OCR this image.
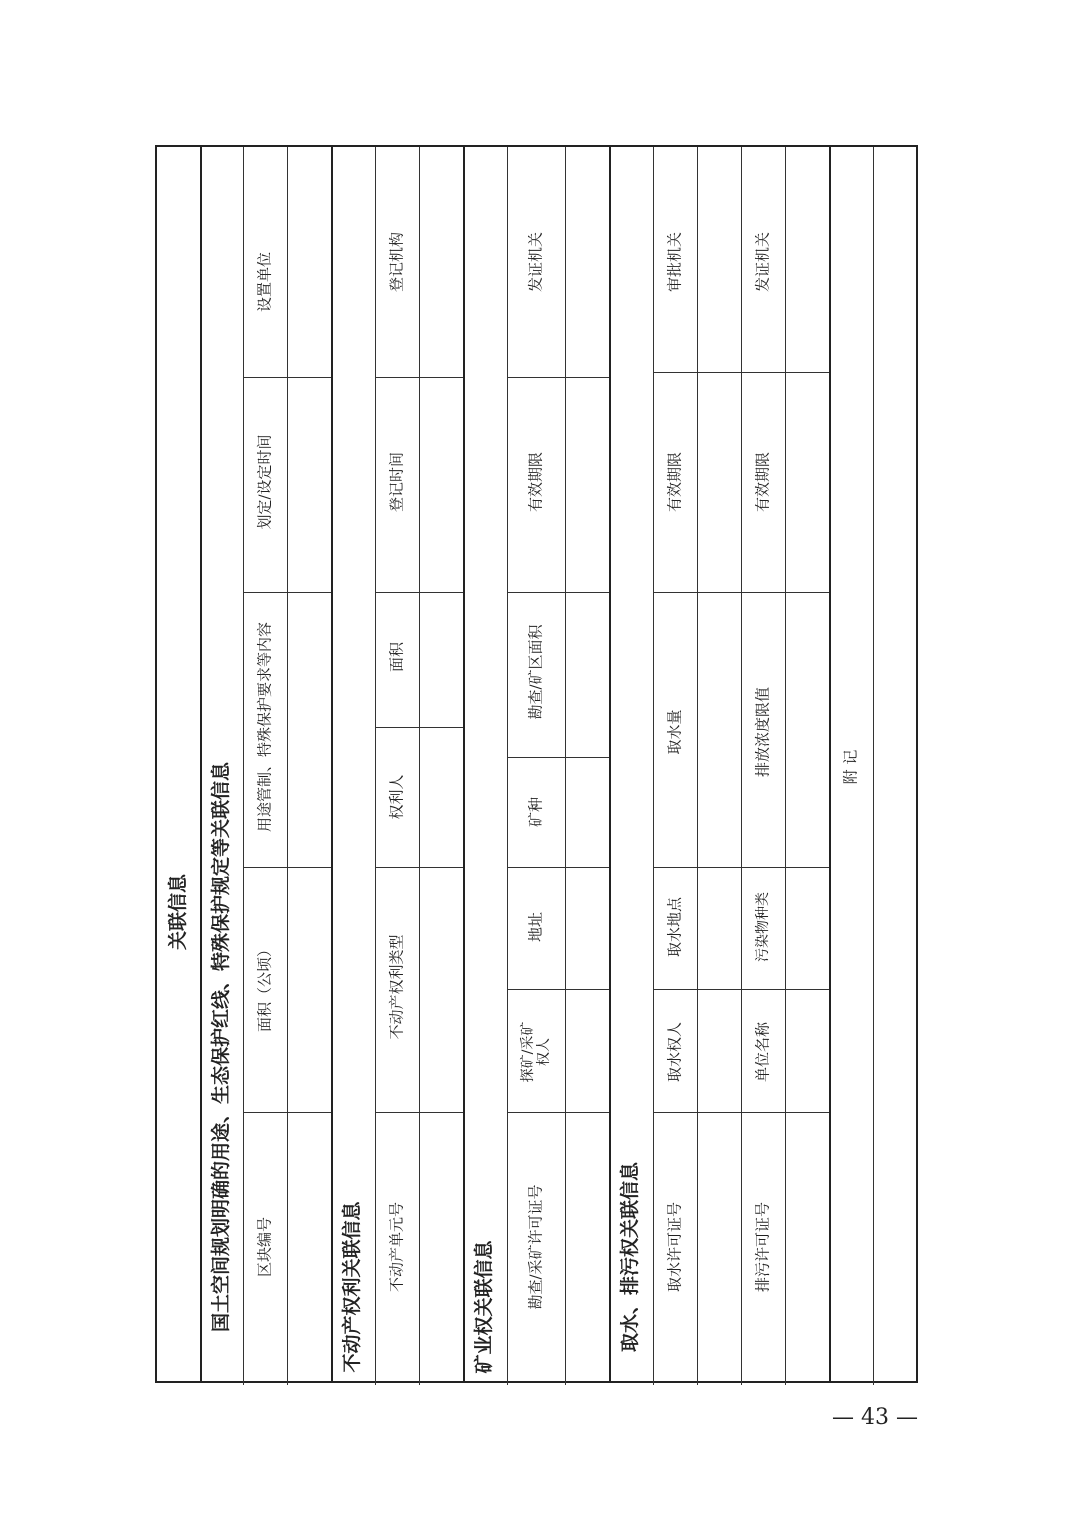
关联信息 国土空间规划明确的用途、生态保护红线、特殊保护规定等关联信息 区块编号
面积（公顷）
用途管制、特殊保护要求等内容
划定/设定时间
设置单位
不动产权利关联信息 不动产单元号
不动产权利类型
权利人
面积
登记时间
登记机构
矿业权关联信息 勘查/采矿许可证号
探矿/采矿权人
地址
矿种
勘查/矿区面积
有效期限
发证机关
取水、排污权关联信息 取水许可证号
取水权人
取水地点
取水量
有效期限
审批机关
排污许可证号
单位名称
污染物种类
排放浓度限值
有效期限
发证机关
附 记
— 43 —
